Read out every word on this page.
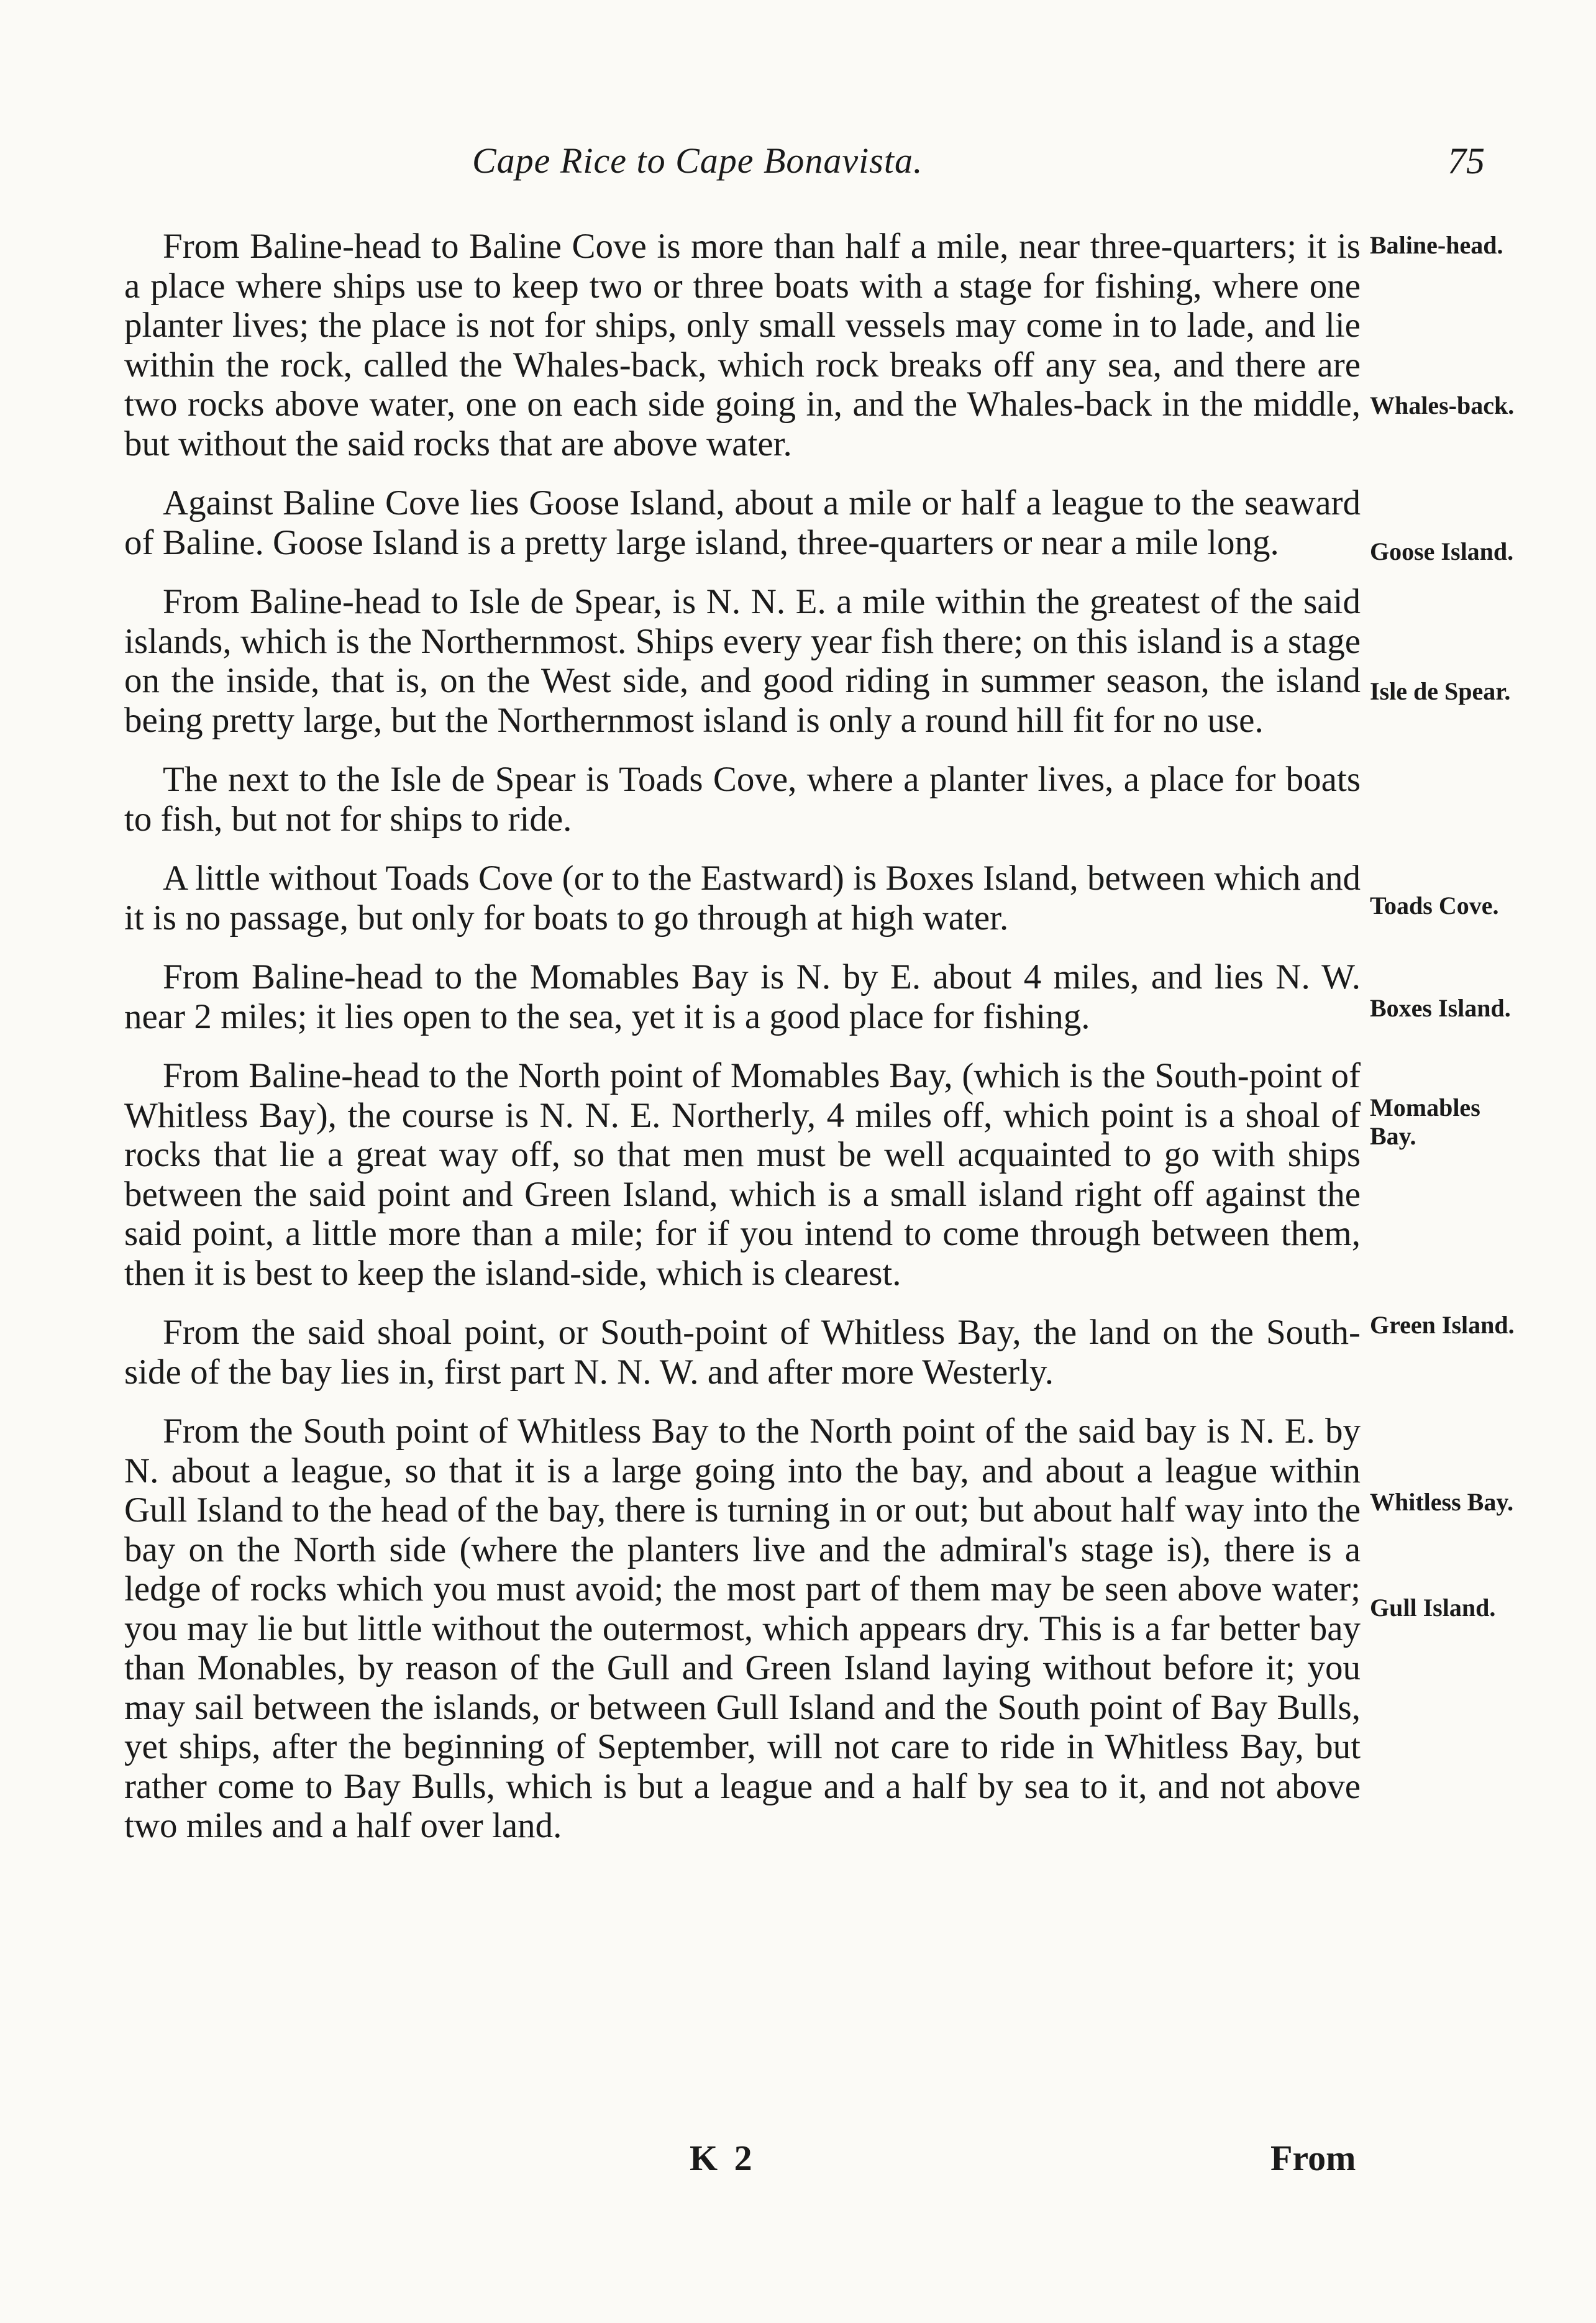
Cape Rice to Cape Bonavista.	75

From Baline-head to Baline Cove is more than half a mile, near three-quarters; it is a place where ships use to keep two or three boats with a stage for fishing, where one planter lives; the place is not for ships, only small vessels may come in to lade, and lie within the rock, called the Whales-back, which rock breaks off any sea, and there are two rocks above water, one on each side going in, and the Whales-back in the middle, but without the said rocks that are above water.

Against Baline Cove lies Goose Island, about a mile or half a league to the seaward of Baline. Goose Island is a pretty large island, three-quarters or near a mile long.

From Baline-head to Isle de Spear, is N. N. E. a mile within the greatest of the said islands, which is the Northernmost. Ships every year fish there; on this island is a stage on the inside, that is, on the West side, and good riding in summer season, the island being pretty large, but the Northernmost island is only a round hill fit for no use.

The next to the Isle de Spear is Toads Cove, where a planter lives, a place for boats to fish, but not for ships to ride.

A little without Toads Cove (or to the Eastward) is Boxes Island, between which and it is no passage, but only for boats to go through at high water.

From Baline-head to the Momables Bay is N. by E. about 4 miles, and lies N. W. near 2 miles; it lies open to the sea, yet it is a good place for fishing.

From Baline-head to the North point of Momables Bay, (which is the South-point of Whitless Bay), the course is N. N. E. Northerly, 4 miles off, which point is a shoal of rocks that lie a great way off, so that men must be well acquainted to go with ships between the said point and Green Island, which is a small island right off against the said point, a little more than a mile; for if you intend to come through between them, then it is best to keep the island-side, which is clearest.

From the said shoal point, or South-point of Whitless Bay, the land on the South-side of the bay lies in, first part N. N. W. and after more Westerly.

From the South point of Whitless Bay to the North point of the said bay is N. E. by N. about a league, so that it is a large going into the bay, and about a league within Gull Island to the head of the bay, there is turning in or out; but about half way into the bay on the North side (where the planters live and the admiral's stage is), there is a ledge of rocks which you must avoid; the most part of them may be seen above water; you may lie but little without the outermost, which appears dry. This is a far better bay than Monables, by reason of the Gull and Green Island laying without before it; you may sail between the islands, or between Gull Island and the South point of Bay Bulls, yet ships, after the beginning of September, will not care to ride in Whitless Bay, but rather come to Bay Bulls, which is but a league and a half by sea to it, and not above two miles and a half over land.

Baline-head.
Whales-back.
Goose Island.
Isle de Spear.
Toads Cove.
Boxes Island.
Momables Bay.
Green Island.
Whitless Bay.
Gull Island.
K 2	From
